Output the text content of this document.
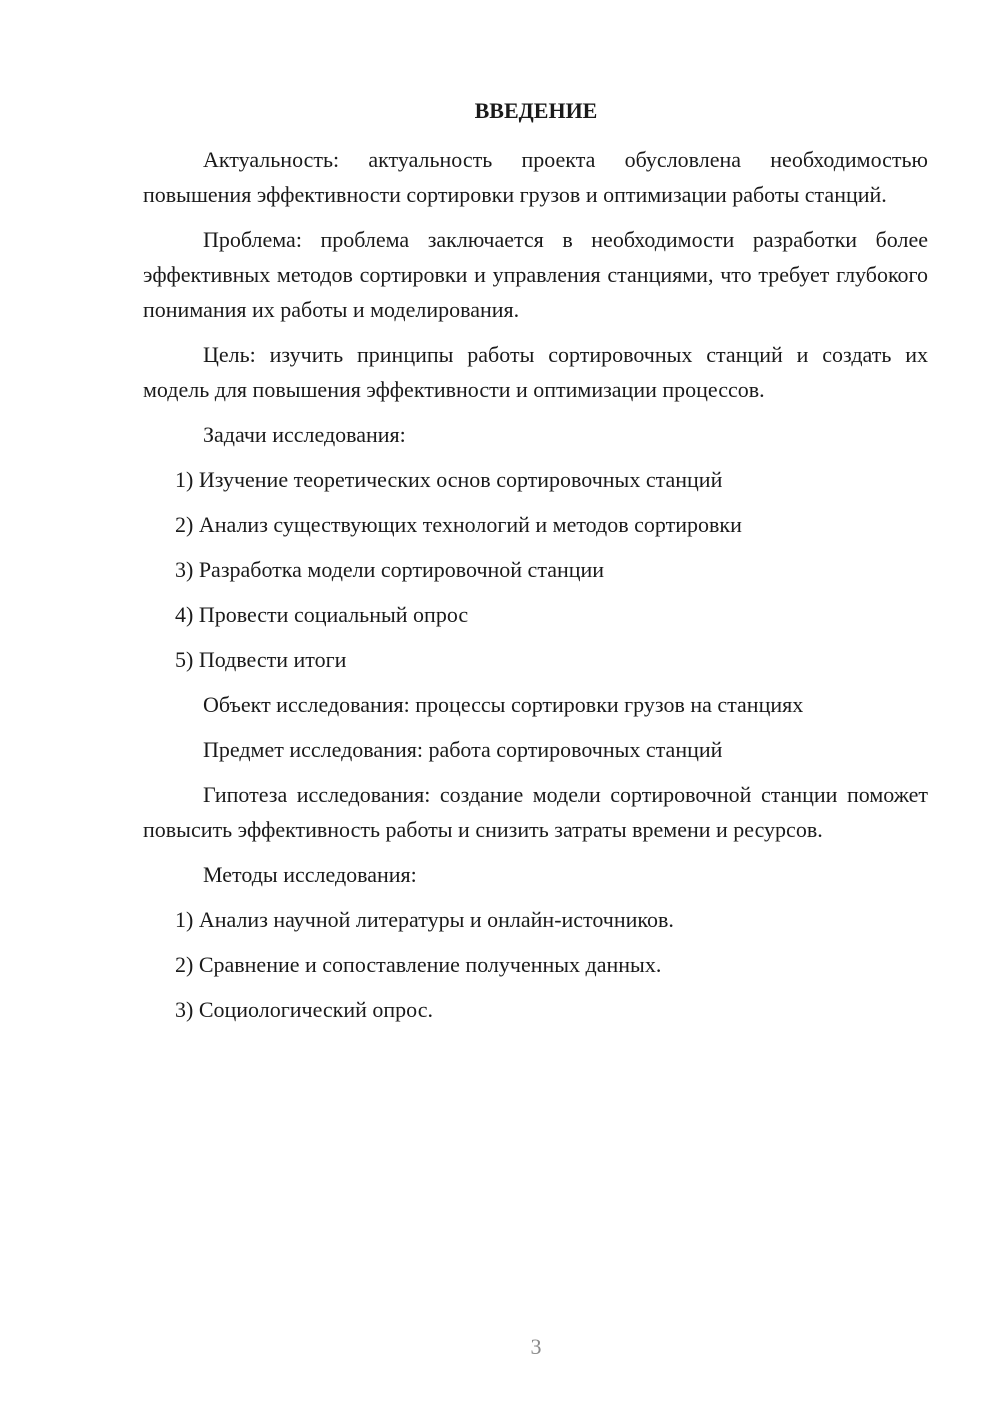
ВВЕДЕНИЕ

Актуальность: актуальность проекта обусловлена необходимостью повышения эффективности сортировки грузов и оптимизации работы станций.

Проблема: проблема заключается в необходимости разработки более эффективных методов сортировки и управления станциями, что требует глубокого понимания их работы и моделирования.

Цель: изучить принципы работы сортировочных станций и создать их модель для повышения эффективности и оптимизации процессов.

Задачи исследования:

1) Изучение теоретических основ сортировочных станций

2) Анализ существующих технологий и методов сортировки

3) Разработка модели сортировочной станции

4) Провести социальный опрос

5) Подвести итоги

Объект исследования: процессы сортировки грузов на станциях

Предмет исследования: работа сортировочных станций

Гипотеза исследования: создание модели сортировочной станции поможет повысить эффективность работы и снизить затраты времени и ресурсов.

Методы исследования:

1) Анализ научной литературы и онлайн-источников.

2) Сравнение и сопоставление полученных данных.

3) Социологический опрос.

3
